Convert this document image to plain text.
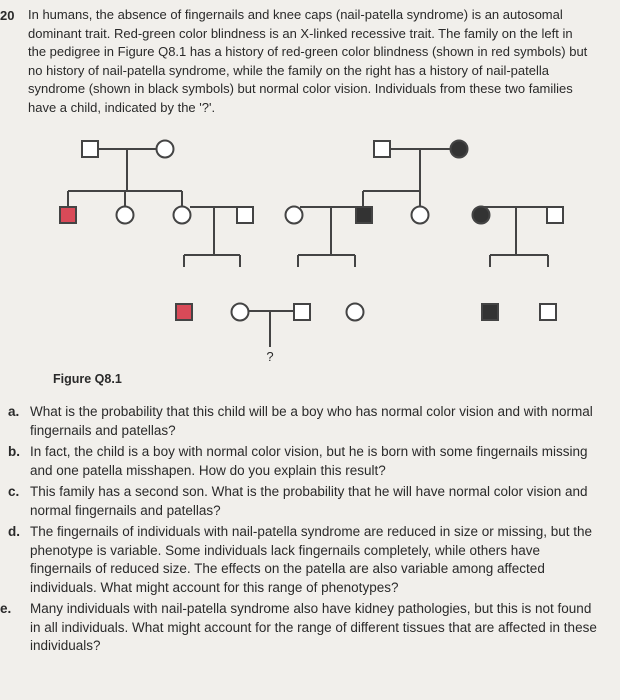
20 In humans, the absence of fingernails and knee caps (nail-patella syndrome) is an autosomal dominant trait. Red-green color blindness is an X-linked recessive trait. The family on the left in the pedigree in Figure Q8.1 has a history of red-green color blindness (shown in red symbols) but no history of nail-patella syndrome, while the family on the right has a history of nail-patella syndrome (shown in black symbols) but normal color vision. Individuals from these two families have a child, indicated by the '?'.

?

Figure Q8.1

a. What is the probability that this child will be a boy who has normal color vision and with normal fingernails and patellas?
b. In fact, the child is a boy with normal color vision, but he is born with some fingernails missing and one patella misshapen. How do you explain this result?
c. This family has a second son. What is the probability that he will have normal color vision and normal fingernails and patellas?
d. The fingernails of individuals with nail-patella syndrome are reduced in size or missing, but the phenotype is variable. Some individuals lack fingernails completely, while others have fingernails of reduced size. The effects on the patella are also variable among affected individuals. What might account for this range of phenotypes?
e. Many individuals with nail-patella syndrome also have kidney pathologies, but this is not found in all individuals. What might account for the range of different tissues that are affected in these individuals?
